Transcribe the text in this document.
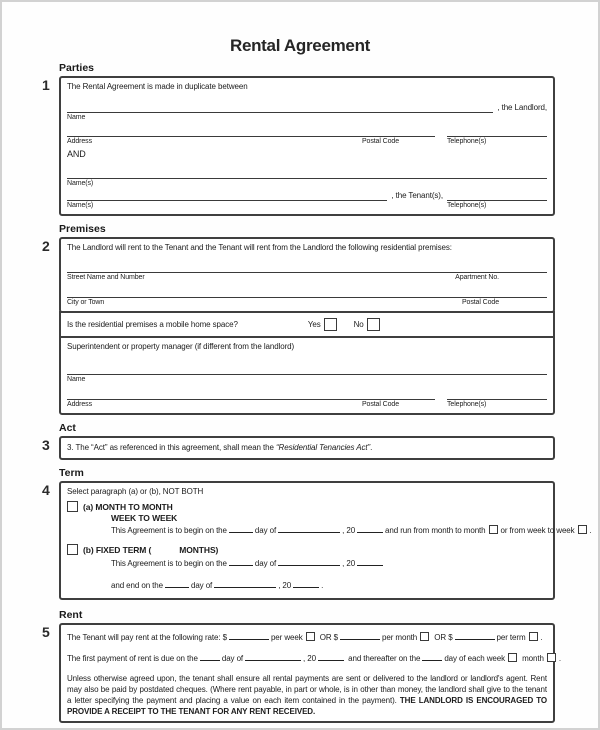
Rental Agreement
Parties
1 The Rental Agreement is made in duplicate between
, the Landlord,
Name
Address	Postal Code	Telephone(s)
AND
Name(s)
Name(s)
, the Tenant(s),
Telephone(s)
Premises
2 The Landlord will rent to the Tenant and the Tenant will rent from the Landlord the following residential premises:
Street Name and Number	Apartment No.
City or Town	Postal Code
Is the residential premises a mobile home space?	Yes	No
Superintendent or property manager (if different from the landlord)
Name
Address	Postal Code	Telephone(s)
Act
3 3. The “Act” as referenced in this agreement, shall mean the “Residential Tenancies Act”.
Term
4 Select paragraph (a) or (b), NOT BOTH
(a) MONTH TO MONTH
WEEK TO WEEK
This Agreement is to begin on the	day of	, 20	and run from month to month or from week to week .
(b) FIXED TERM (	MONTHS)
This Agreement is to begin on the	day of	, 20
and end on the	day of	, 20	.
Rent
5 The Tenant will pay rent at the following rate: $	per week OR $	per month OR $	per term .
The first payment of rent is due on the	day of	, 20	and thereafter on the	day of each week month .
Unless otherwise agreed upon, the tenant shall ensure all rental payments are sent or delivered to the landlord or landlord's agent. Rent may also be paid by postdated cheques. (Where rent payable, in part or whole, is in other than money, the landlord shall give to the tenant a letter specifying the payment and placing a value on each item contained in the payment). THE LANDLORD IS ENCOURAGED TO PROVIDE A RECEIPT TO THE TENANT FOR ANY RENT RECEIVED.
